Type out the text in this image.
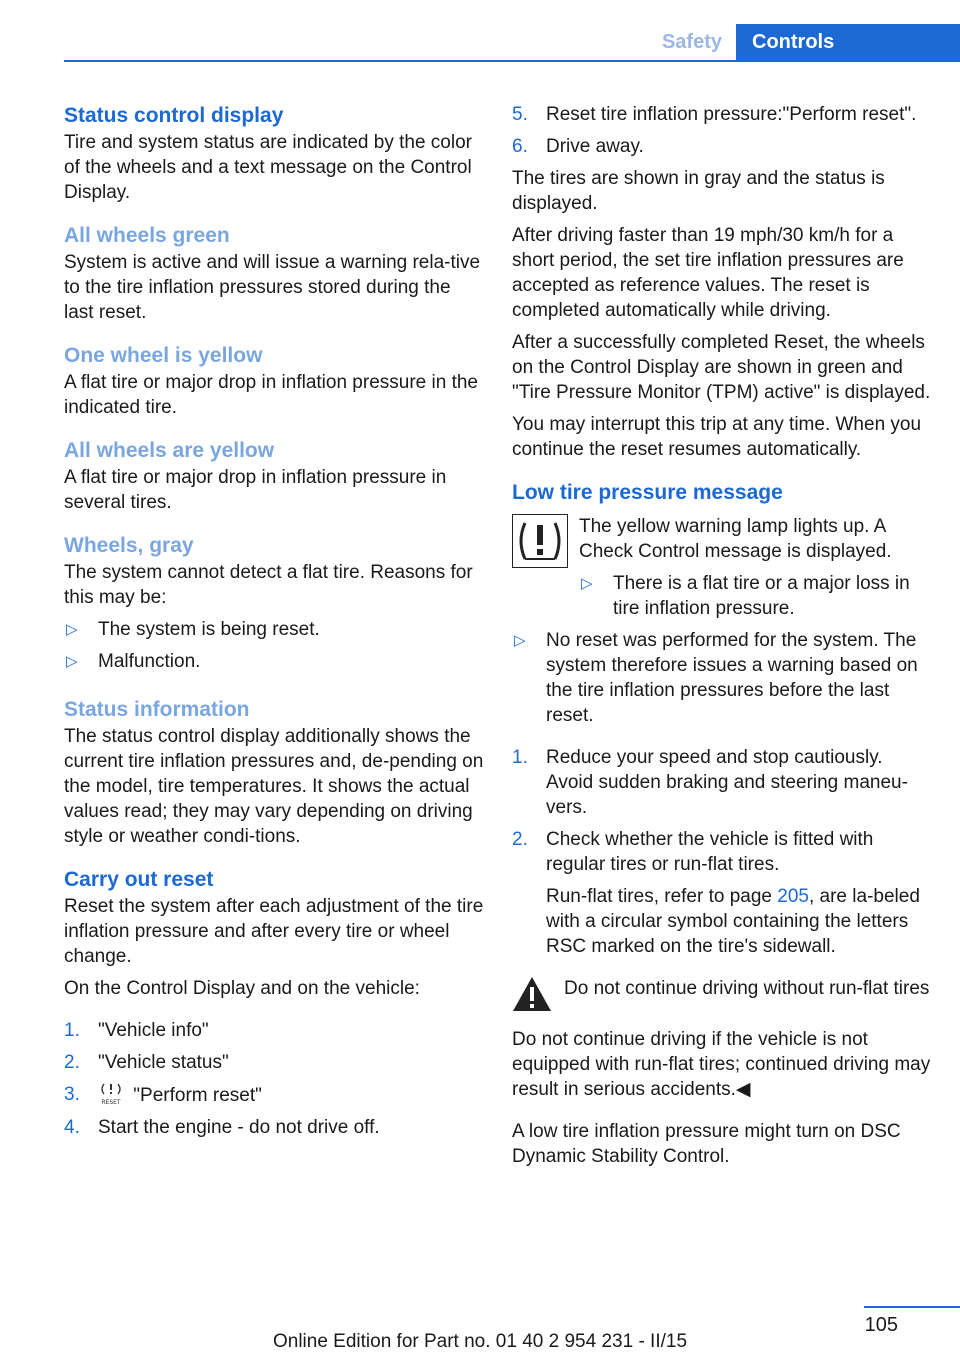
Safety	Controls
Status control display

Tire and system status are indicated by the color of the wheels and a text message on the Control Display.

All wheels green

System is active and will issue a warning rela-tive to the tire inflation pressures stored during the last reset.

One wheel is yellow

A flat tire or major drop in inflation pressure in the indicated tire.

All wheels are yellow

A flat tire or major drop in inflation pressure in several tires.

Wheels, gray

The system cannot detect a flat tire. Reasons for this may be:

▷ The system is being reset.
▷ Malfunction.
Status information

The status control display additionally shows the current tire inflation pressures and, de-pending on the model, tire temperatures. It shows the actual values read; they may vary depending on driving style or weather condi-tions.

Carry out reset

Reset the system after each adjustment of the tire inflation pressure and after every tire or wheel change.

On the Control Display and on the vehicle:

1. "Vehicle info"
2. "Vehicle status"
3.	RESET "Perform reset"
4. Start the engine - do not drive off.
5. Reset tire inflation pressure:"Perform reset".
6. Drive away.

The tires are shown in gray and the status is displayed.

After driving faster than 19 mph/30 km/h for a short period, the set tire inflation pressures are accepted as reference values. The reset is completed automatically while driving.

After a successfully completed Reset, the wheels on the Control Display are shown in green and "Tire Pressure Monitor (TPM) active" is displayed.

You may interrupt this trip at any time. When you continue the reset resumes automatically.

Low tire pressure message

The yellow warning lamp lights up. A Check Control message is displayed.

▷ There is a flat tire or a major loss in tire inflation pressure.
▷ No reset was performed for the system. The system therefore issues a warning based on the tire inflation pressures before the last reset.
1. Reduce your speed and stop cautiously. Avoid sudden braking and steering maneu-vers.
2. Check whether the vehicle is fitted with regular tires or run-flat tires.

Run-flat tires, refer to page 205, are la-beled with a circular symbol containing the letters RSC marked on the tire's sidewall.

Do not continue driving without run-flat tires

Do not continue driving if the vehicle is not equipped with run-flat tires; continued driving may result in serious accidents.◀

A low tire inflation pressure might turn on DSC Dynamic Stability Control.

105
Online Edition for Part no. 01 40 2 954 231 - II/15
